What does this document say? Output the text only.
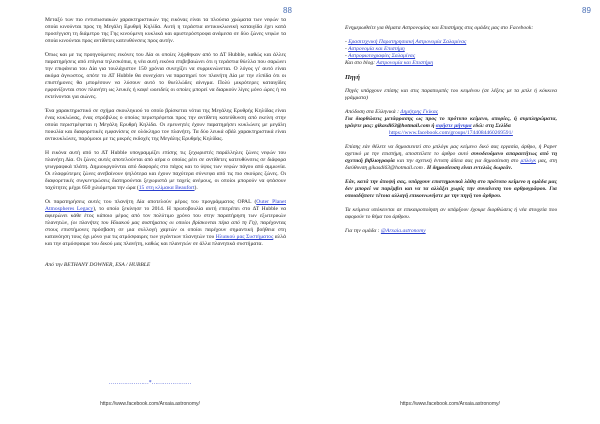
88

Μεταξύ των πιο εντυπωσιακών χαρακτηριστικών της εικόνας είναι τα πλούσια χρώματα των νεφών τα οποία κινούνται προς τη Μεγάλη Ερυθρή Κηλίδα. Αυτή η τεράστια αντικυκλωνική καταιγίδα έχει κατά προσέγγιση τη διάμετρο της Γης κινούμενη κυκλικά και αριστερόστροφα ανάμεσα σε δύο ζώνες νεφών τα οποία κινούνται προς αντίθετες κατευθύνσεις προς αυτήν.

Όπως και με τις προηγούμενες εικόνες του Δία οι οποίες λήφθηκαν από το ΔΤ Hubble, καθώς και άλλες παρατηρήσεις από επίγεια τηλεσκόπια, η νέα αυτή εικόνα επιβεβαιώνει ότι η τεράστια θύελλα που σαρώνει την επιφάνεια του Δία για τουλάχιστον 150 χρόνια συνεχίζει να συρρικνώνεται. Ο λόγος γι' αυτό είναι ακόμα άγνωστος, οπότε το ΔΤ Hubble θα συνεχίσει να παρατηρεί τον πλανήτη Δία με την ελπίδα ότι οι επιστήμονες θα μπορέσουν να λύσουν αυτό το θυελλώδες αίνιγμα. Πολύ μικρότερες καταιγίδες εμφανίζονται στον πλανήτη ως λευκές ή καφέ ωοειδείς οι οποίες μπορεί να διαρκούν λίγες μόνο ώρες ή να εκτείνονται για αιώνες.

Ένα χαρακτηριστικό σε σχήμα σκουληκιού το οποίο βρίσκεται νότια της Μεγάλης Ερυθρής Κηλίδας είναι ένας κυκλώνας, ένας στρόβιλος ο οποίος περιστρέφεται προς την αντίθετη κατεύθυνση από εκείνη στην οποία περιστρέφεται η Μεγάλη Ερυθρή Κηλίδα. Οι ερευνητές έχουν παρατηρήσει κυκλώνες με μεγάλη ποικιλία και διαφορετικές εμφανίσεις σε ολόκληρο τον πλανήτη. Τα δύο λευκά οβάλ χαρακτηριστικά είναι αντικυκλώνες, παρόμοιοι με τις μικρές εκδοχές της Μεγάλης Ερυθρής Κηλίδας.

Η εικόνα αυτή από το ΔΤ Hubble υπογραμμίζει επίσης τις ξεχωριστές παράλληλες ζώνες νεφών του πλανήτη Δία. Οι ζώνες αυτές αποτελούνται από αέρα ο οποίος ρέει σε αντίθετες κατευθύνσεις σε διάφορα γεωγραφικά πλάτη. Δημιουργούνται από διαφορές στο πάχος και το ύψος των νεφών πάγου από αμμωνία. Οι ελαφρύτερες ζώνες ανεβαίνουν ψηλότερα και έχουν παχύτερα σύννεφα από τις πιο σκούρες ζώνες. Οι διαφορετικές συγκεντρώσεις διατηρούνται ξεχωριστά με ταχείς ανέμους, οι οποίοι μπορούν να φτάσουν ταχύτητες μέχρι 650 χιλιόμετρα την ώρα (15 στη κλίμακα Beaufort).

Οι παρατηρήσεις αυτές του πλανήτη Δία αποτελούν μέρος του προγράμματος OPAL (Outer Planet Atmospheres Legacy), το οποίο ξεκίνησε το 2014. Η πρωτοβουλία αυτή επιτρέπει στο ΔΤ Hubble να αφιερώνει κάθε έτος κάποιο μέρος από τον πολύτιμο χρόνο του στην παρατήρηση των εξωτερικών πλανητών, (οι πλανήτες του Ηλιακού μας συστήματος οι οποίοι βρίσκονται πέρα από τη Γη), παρέχοντας στους επιστήμονες πρόσβαση σε μια συλλογή χαρτών οι οποίοι παρέχουν σημαντική βοήθεια στη κατανόηση τους όχι μόνο για τις ατμόσφαιρες των γιγάντιων πλανητών του Ηλιακού μας Συστήματος αλλά και την ατμόσφαιρα του δικού μας πλανήτη, καθώς και πλανητών σε άλλα πλανητικά συστήματα.

Από την BETHANY DOWNER, ESA / HUBBLE

…………………*…………………
https://www.facebook.com/Arxaia.astronomy/
89

Ενημερωθείτε για θέματα Αστρονομίας και Επιστήμης στις ομάδες μας στο Facebook:

- Ερασιτεχνική Παρατηρησιακή Αστρονομία Σαλαμίνας
- Αστρονομία και Επιστήμη
- Αστροφωτογραφίες Σαλαμίνας
Και στο blog: Αστρονομία και Επιστήμη

Πηγή

Πηγές υπάρχουν επίσης και στις παραπομπές του κειμένου (σε λέξεις με τα μπλε ή κόκκινα γράμματα)

Απόδοση στα Ελληνικά : Δημήτρης Γκίκας
Για διορθώσεις μετάφρασης ως προς το πρότυπο κείμενο, απορίες, ή συμπληρώματα, γράψτε μας: gikasdi63@hotmail.com ή αφήστε μήνυμα εδώ: στη Σελίδα
https://www.facebook.com/groups/1744084460269591/

Επίσης εάν θέλετε να δημοσιευτεί στο μπλόγκ μας κείμενο δικό σας εργασία, άρθρο, ή Paper σχετικό με την επιστήμη, αποστείλετε το άρθρο αυτό συνοδευόμενο απαραιτήτως από τη σχετική βιβλιογραφία και την σχετική έντυπη άδεια σας για δημοσίευση στο μπλόγκ μας, στη διεύθυνση gikasdi63@hotmail.com . Η δημοσίευση είναι εντελώς δωρεάν.

Εάν, κατά την άποψή σας, υπάρχουν επιστημονικά λάθη στο πρότυπο κείμενο η ομάδα μας δεν μπορεί να παρέμβει και να τα αλλάξει χωρίς την συναίνεση του αρθρογράφου. Για οποιαδήποτε τέτοια αλλαγή επικοινωνήστε με την πηγή του άρθρου.

Τα κείμενα υπόκεινται σε επικαιροποίηση αν υπάρξουν έχουμε διορθώσεις ή νέα στοιχεία που αφορούν το θέμα του άρθρου.

Για την ομάδα : @Arxaia.astronomy

https://www.facebook.com/Arxaia.astronomy/
